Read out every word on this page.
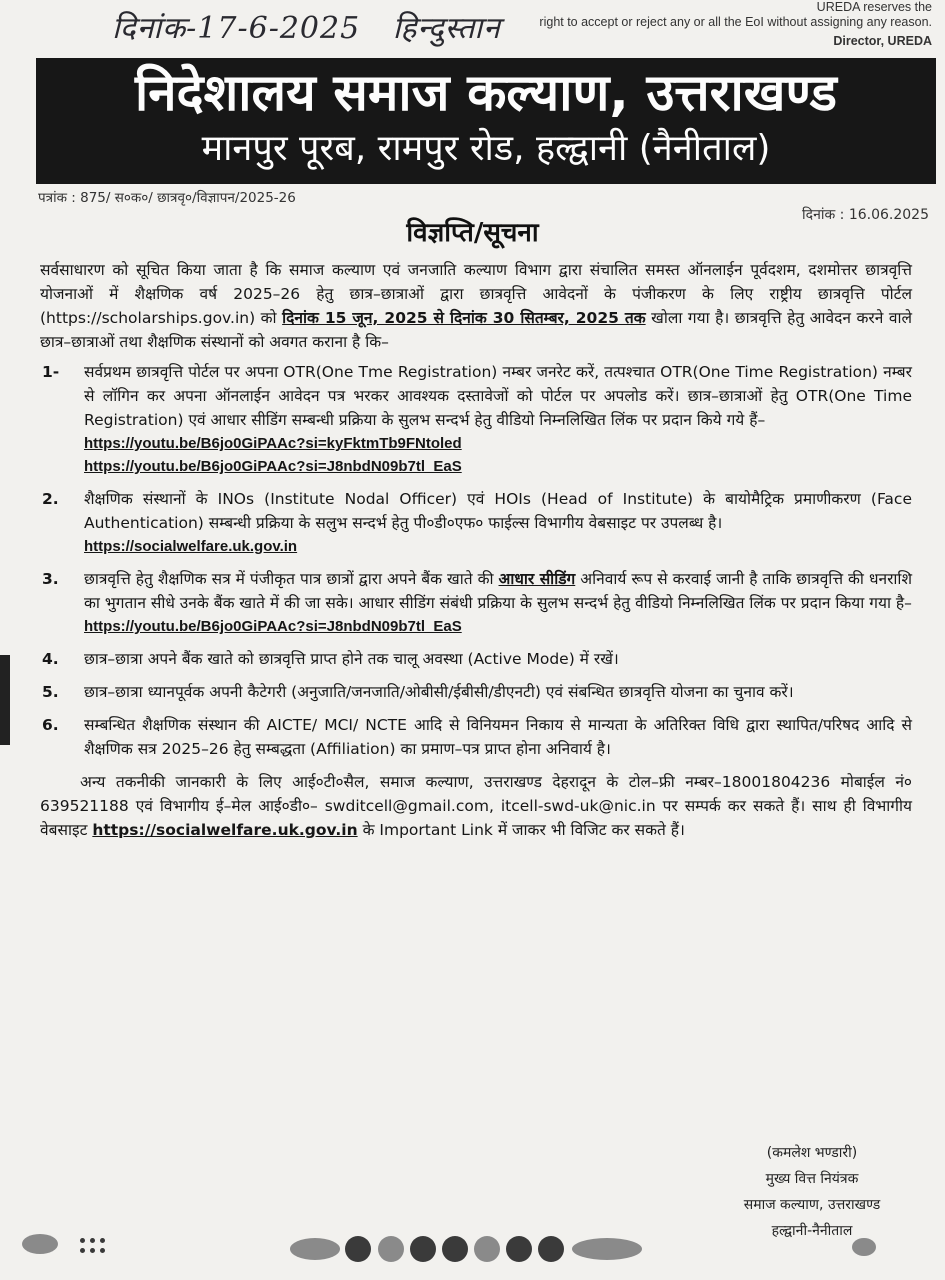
दिनांक-17-6-2025 हिन्दुस्तान
UREDA reserves the
right to accept or reject any or all the EoI without assigning any reason.
Director, UREDA
निदेशालय समाज कल्याण, उत्तराखण्ड
मानपुर पूरब, रामपुर रोड, हल्द्वानी (नैनीताल)
पत्रांक : 875/ स०क०/ छात्रवृ०/विज्ञापन/2025-26
दिनांक : 16.06.2025
विज्ञप्ति/सूचना

सर्वसाधारण को सूचित किया जाता है कि समाज कल्याण एवं जनजाति कल्याण विभाग द्वारा संचालित समस्त ऑनलाईन पूर्वदशम, दशमोत्तर छात्रवृत्ति योजनाओं में शैक्षणिक वर्ष 2025–26 हेतु छात्र–छात्राओं द्वारा छात्रवृत्ति आवेदनों के पंजीकरण के लिए राष्ट्रीय छात्रवृत्ति पोर्टल (https://scholarships.gov.in) को दिनांक 15 जून, 2025 से दिनांक 30 सितम्बर, 2025 तक खोला गया है। छात्रवृत्ति हेतु आवेदन करने वाले छात्र–छात्राओं तथा शैक्षणिक संस्थानों को अवगत कराना है कि–

1- सर्वप्रथम छात्रवृत्ति पोर्टल पर अपना OTR(One Tme Registration) नम्बर जनरेट करें, तत्पश्चात OTR(One Time Registration) नम्बर से लॉगिन कर अपना ऑनलाईन आवेदन पत्र भरकर आवश्यक दस्तावेजों को पोर्टल पर अपलोड करें। छात्र–छात्राओं हेतु OTR(One Time Registration) एवं आधार सीडिंग सम्बन्धी प्रक्रिया के सुलभ सन्दर्भ हेतु वीडियो निम्नलिखित लिंक पर प्रदान किये गये हैं–
https://youtu.be/B6jo0GiPAAc?si=kyFktmTb9FNtoled
https://youtu.be/B6jo0GiPAAc?si=J8nbdN09b7tl_EaS
2. शैक्षणिक संस्थानों के INOs (Institute Nodal Officer) एवं HOIs (Head of Institute) के बायोमैट्रिक प्रमाणीकरण (Face Authentication) सम्बन्धी प्रक्रिया के सलुभ सन्दर्भ हेतु पी०डी०एफ० फाईल्स विभागीय वेबसाइट पर उपलब्ध है।
https://socialwelfare.uk.gov.in
3. छात्रवृत्ति हेतु शैक्षणिक सत्र में पंजीकृत पात्र छात्रों द्वारा अपने बैंक खाते की आधार सीडिंग अनिवार्य रूप से करवाई जानी है ताकि छात्रवृत्ति की धनराशि का भुगतान सीधे उनके बैंक खाते में की जा सके। आधार सीडिंग संबंधी प्रक्रिया के सुलभ सन्दर्भ हेतु वीडियो निम्नलिखित लिंक पर प्रदान किया गया है–
https://youtu.be/B6jo0GiPAAc?si=J8nbdN09b7tl_EaS
4. छात्र–छात्रा अपने बैंक खाते को छात्रवृत्ति प्राप्त होने तक चालू अवस्था (Active Mode) में रखें।
5. छात्र–छात्रा ध्यानपूर्वक अपनी कैटेगरी (अनुजाति/जनजाति/ओबीसी/ईबीसी/डीएनटी) एवं संबन्धित छात्रवृत्ति योजना का चुनाव करें।
6. सम्बन्धित शैक्षणिक संस्थान की AICTE/ MCI/ NCTE आदि से विनियमन निकाय से मान्यता के अतिरिक्त विधि द्वारा स्थापित/परिषद आदि से शैक्षणिक सत्र 2025–26 हेतु सम्बद्धता (Affiliation) का प्रमाण–पत्र प्राप्त होना अनिवार्य है।

अन्य तकनीकी जानकारी के लिए आई०टी०सैल, समाज कल्याण, उत्तराखण्ड देहरादून के टोल–फ्री नम्बर–18001804236 मोबाईल नं० 639521188 एवं विभागीय ई–मेल आई०डी०– swditcell@gmail.com, itcell-swd-uk@nic.in पर सम्पर्क कर सकते हैं। साथ ही विभागीय वेबसाइट https://socialwelfare.uk.gov.in के Important Link में जाकर भी विजिट कर सकते हैं।

(कमलेश भण्डारी)
मुख्य वित्त नियंत्रक
समाज कल्याण, उत्तराखण्ड
हल्द्वानी-नैनीताल
